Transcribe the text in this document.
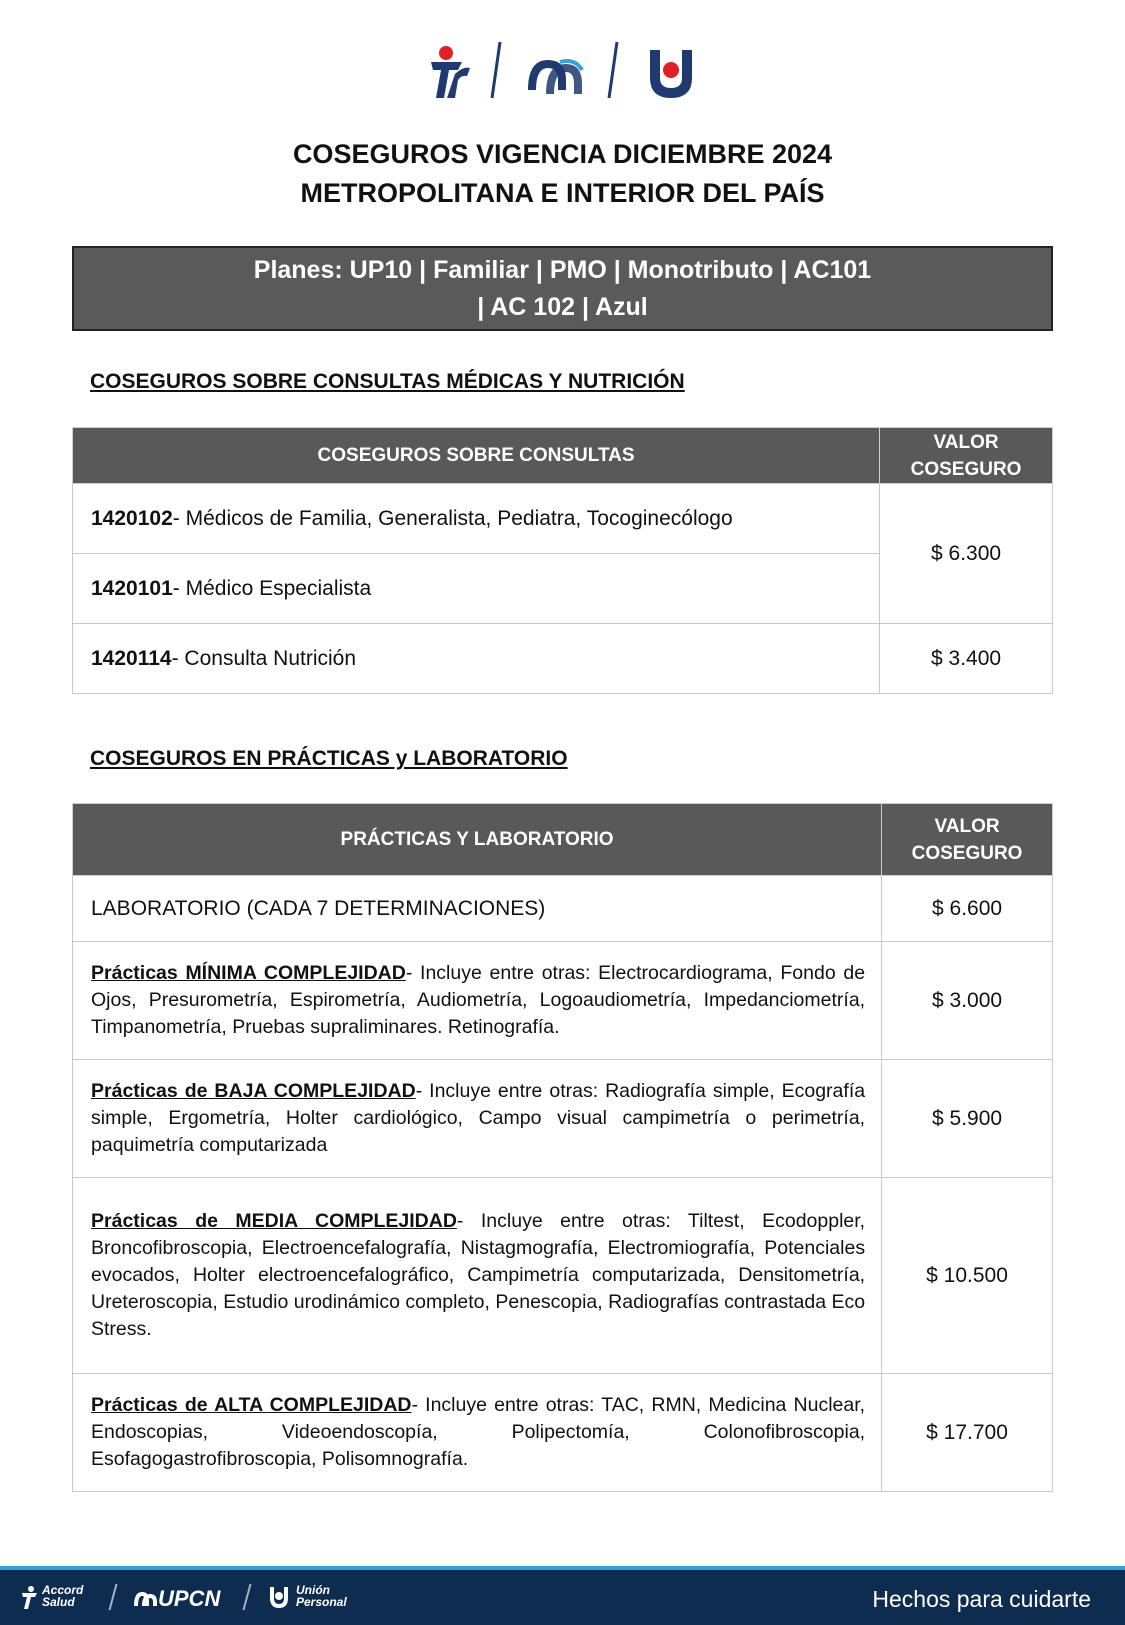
COSEGUROS VIGENCIA DICIEMBRE 2024
METROPOLITANA E INTERIOR DEL PAÍS
Planes: UP10 | Familiar | PMO | Monotributo | AC101
| AC 102 | Azul
COSEGUROS SOBRE CONSULTAS MÉDICAS Y NUTRICIÓN
COSEGUROS SOBRE CONSULTAS	VALOR
COSEGURO

1420102- Médicos de Familia, Generalista, Pediatra, Tocoginecólogo	$ 6.300
1420101- Médico Especialista	
1420114- Consulta Nutrición	$ 3.400
COSEGUROS EN PRÁCTICAS y LABORATORIO
PRÁCTICAS Y LABORATORIO	VALOR
COSEGURO

LABORATORIO (CADA 7 DETERMINACIONES)	$ 6.600
Prácticas MÍNIMA COMPLEJIDAD- Incluye entre otras: Electrocardiograma, Fondo de Ojos, Presurometría, Espirometría, Audiometría, Logoaudiometría, Impedanciometría, Timpanometría, Pruebas supraliminares. Retinografía.	$ 3.000
Prácticas de BAJA COMPLEJIDAD- Incluye entre otras: Radiografía simple, Ecografía simple, Ergometría, Holter cardiológico, Campo visual campimetría o perimetría, paquimetría computarizada	$ 5.900
Prácticas de MEDIA COMPLEJIDAD- Incluye entre otras: Tiltest, Ecodoppler, Broncofibroscopia, Electroencefalografía, Nistagmografía, Electromiografía, Potenciales evocados, Holter electroencefalográfico, Campimetría computarizada, Densitometría, Ureteroscopia, Estudio urodinámico completo, Penescopia, Radiografías contrastada Eco Stress.	$ 10.500
Prácticas de ALTA COMPLEJIDAD- Incluye entre otras: TAC, RMN, Medicina Nuclear, Endoscopias, Videoendoscopía, Polipectomía, Colonofibroscopia, Esofagogastrofibroscopia, Polisomnografía.	$ 17.700
Accord
Salud	UPCN	Unión
Personal	Hechos para cuidarte
